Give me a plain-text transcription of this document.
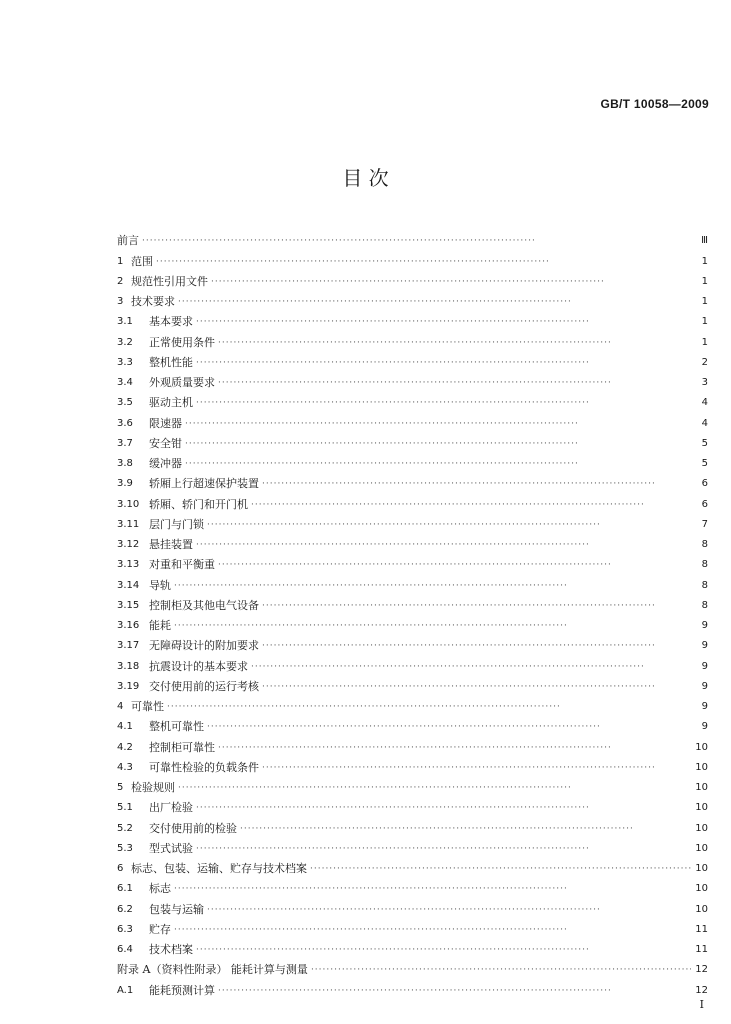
GB/T 10058—2009
目 次
前言 ·····	Ⅲ
1 范围 ·····	1
2 规范性引用文件 ·····	1
3 技术要求 ·····	1
3.1	基本要求 ·····	1
3.2	正常使用条件 ·····	1
3.3	整机性能 ·····	2
3.4	外观质量要求 ·····	3
3.5	驱动主机 ·····	4
3.6	限速器 ·····	4
3.7	安全钳 ·····	5
3.8	缓冲器 ·····	5
3.9	轿厢上行超速保护装置 ·····	6
3.10 轿厢、轿门和开门机 ·····	6
3.11 层门与门锁 ·····	7
3.12 悬挂装置 ·····	8
3.13 对重和平衡重 ·····	8
3.14 导轨 ·····	8
3.15 控制柜及其他电气设备 ·····	8
3.16 能耗 ·····	9
3.17 无障碍设计的附加要求 ·····	9
3.18 抗震设计的基本要求 ·····	9
3.19 交付使用前的运行考核 ·····	9
4 可靠性 ·····	9
4.1	整机可靠性 ·····	9
4.2	控制柜可靠性 ·····	10
4.3	可靠性检验的负载条件 ·····	10
5 检验规则 ·····	10
5.1	出厂检验 ·····	10
5.2	交付使用前的检验 ·····	10
5.3	型式试验 ·····	10
6 标志、包装、运输、贮存与技术档案 ·····	10
6.1	标志 ·····	10
6.2	包装与运输 ·····	10
6.3	贮存 ·····	11
6.4	技术档案 ·····	11
附录 A（资料性附录） 能耗计算与测量 ·····	12
A.1	能耗预测计算 ·····	12
Ⅰ
